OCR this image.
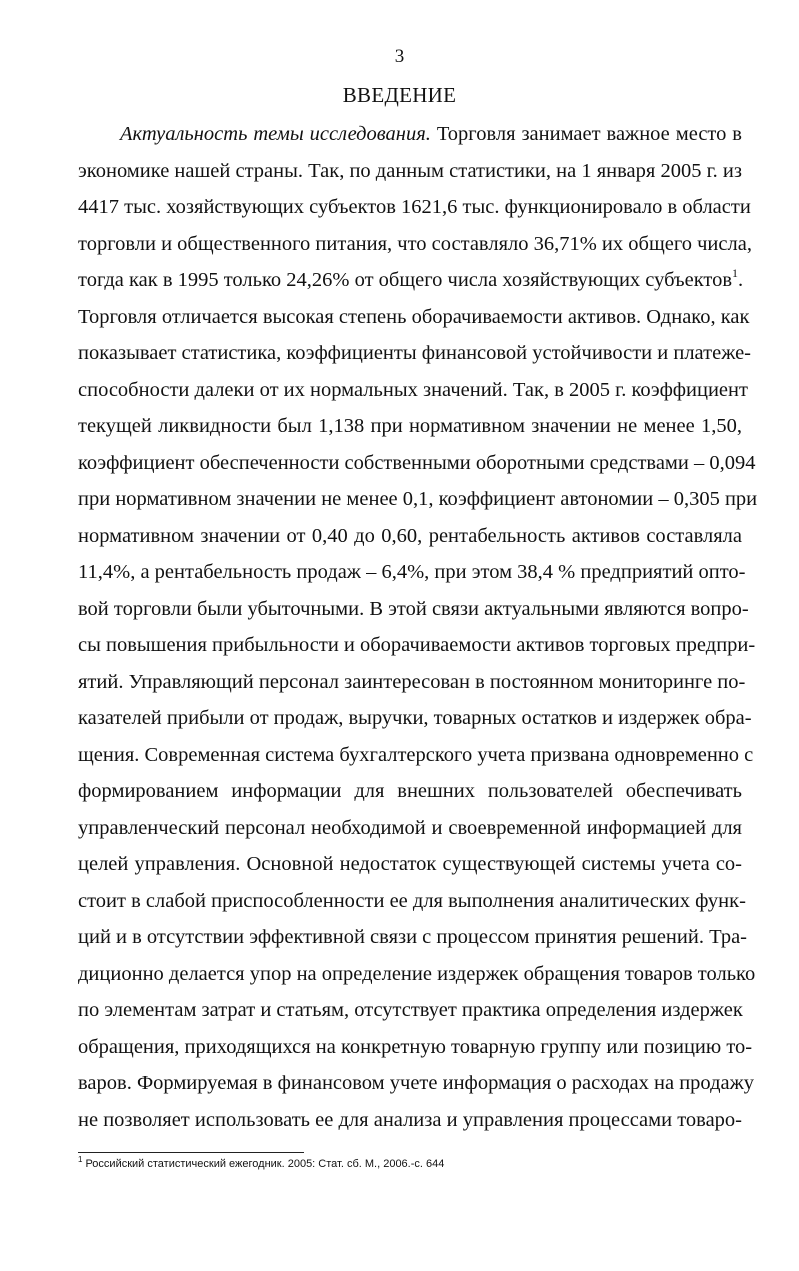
3
ВВЕДЕНИЕ
Актуальность темы исследования. Торговля занимает важное место в
экономике нашей страны. Так, по данным статистики, на 1 января 2005 г. из
4417 тыс. хозяйствующих субъектов 1621,6 тыс. функционировало в области
торговли и общественного питания, что составляло 36,71% их общего числа,
тогда как в 1995 только 24,26% от общего числа хозяйствующих субъектов$^1$.
Торговля отличается высокая степень оборачиваемости активов. Однако, как
показывает статистика, коэффициенты финансовой устойчивости и платеже-
способности далеки от их нормальных значений. Так, в 2005 г. коэффициент
текущей ликвидности был 1,138 при нормативном значении не менее 1,50,
коэффициент обеспеченности собственными оборотными средствами – 0,094
при нормативном значении не менее 0,1, коэффициент автономии – 0,305 при
нормативном значении от 0,40 до 0,60, рентабельность активов составляла
11,4%, а рентабельность продаж – 6,4%, при этом 38,4 % предприятий опто-
вой торговли были убыточными. В этой связи актуальными являются вопро-
сы повышения прибыльности и оборачиваемости активов торговых предпри-
ятий. Управляющий персонал заинтересован в постоянном мониторинге по-
казателей прибыли от продаж, выручки, товарных остатков и издержек обра-
щения. Современная система бухгалтерского учета призвана одновременно с
формированием информации для внешних пользователей обеспечивать
управленческий персонал необходимой и своевременной информацией для
целей управления. Основной недостаток существующей системы учета со-
стоит в слабой приспособленности ее для выполнения аналитических функ-
ций и в отсутствии эффективной связи с процессом принятия решений. Тра-
диционно делается упор на определение издержек обращения товаров только
по элементам затрат и статьям, отсутствует практика определения издержек
обращения, приходящихся на конкретную товарную группу или позицию то-
варов. Формируемая в финансовом учете информация о расходах на продажу
не позволяет использовать ее для анализа и управления процессами товаро-
$^1$ Российский статистический ежегодник. 2005: Стат. сб. М., 2006.-с. 644
